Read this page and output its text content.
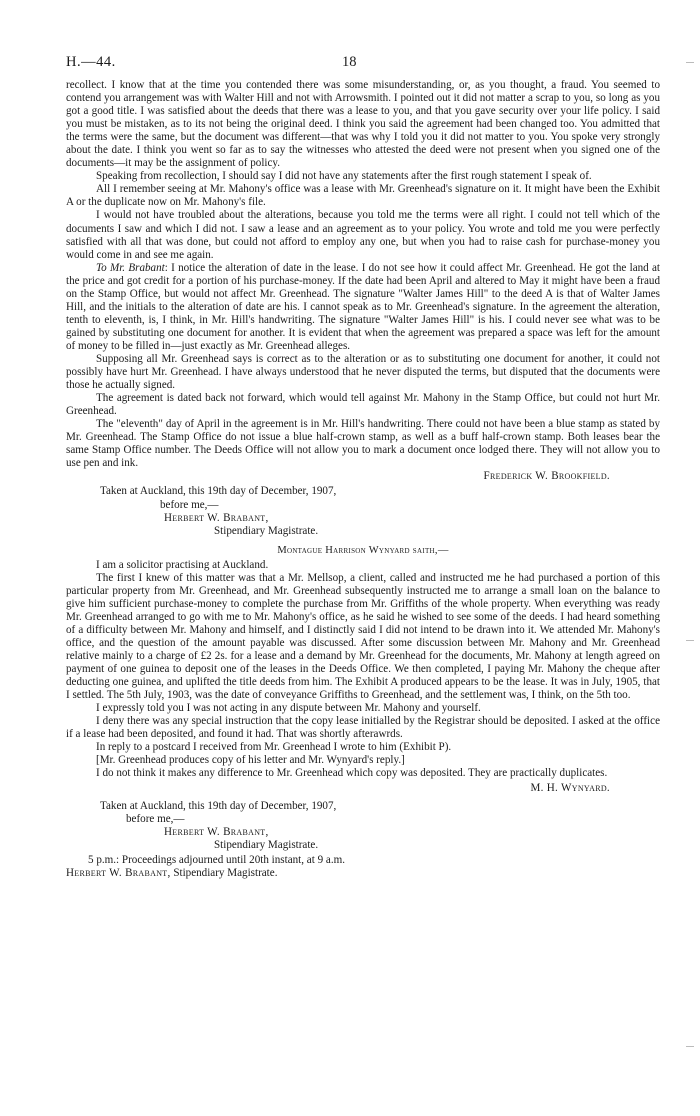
H.—44.	18

recollect. I know that at the time you contended there was some misunderstanding, or, as you thought, a fraud. You seemed to contend you arrangement was with Walter Hill and not with Arrowsmith. I pointed out it did not matter a scrap to you, so long as you got a good title. I was satisfied about the deeds that there was a lease to you, and that you gave security over your life policy. I said you must be mistaken, as to its not being the original deed. I think you said the agreement had been changed too. You admitted that the terms were the same, but the document was different—that was why I told you it did not matter to you. You spoke very strongly about the date. I think you went so far as to say the witnesses who attested the deed were not present when you signed one of the documents—it may be the assignment of policy.

Speaking from recollection, I should say I did not have any statements after the first rough statement I speak of.

All I remember seeing at Mr. Mahony's office was a lease with Mr. Greenhead's signature on it. It might have been the Exhibit A or the duplicate now on Mr. Mahony's file.

I would not have troubled about the alterations, because you told me the terms were all right. I could not tell which of the documents I saw and which I did not. I saw a lease and an agreement as to your policy. You wrote and told me you were perfectly satisfied with all that was done, but could not afford to employ any one, but when you had to raise cash for purchase-money you would come in and see me again.

To Mr. Brabant: I notice the alteration of date in the lease. I do not see how it could affect Mr. Greenhead. He got the land at the price and got credit for a portion of his purchase-money. If the date had been April and altered to May it might have been a fraud on the Stamp Office, but would not affect Mr. Greenhead. The signature "Walter James Hill" to the deed A is that of Walter James Hill, and the initials to the alteration of date are his. I cannot speak as to Mr. Greenhead's signature. In the agreement the alteration, tenth to eleventh, is, I think, in Mr. Hill's handwriting. The signature "Walter James Hill" is his. I could never see what was to be gained by substituting one document for another. It is evident that when the agreement was prepared a space was left for the amount of money to be filled in—just exactly as Mr. Greenhead alleges.

Supposing all Mr. Greenhead says is correct as to the alteration or as to substituting one document for another, it could not possibly have hurt Mr. Greenhead. I have always understood that he never disputed the terms, but disputed that the documents were those he actually signed.

The agreement is dated back not forward, which would tell against Mr. Mahony in the Stamp Office, but could not hurt Mr. Greenhead.

The "eleventh" day of April in the agreement is in Mr. Hill's handwriting. There could not have been a blue stamp as stated by Mr. Greenhead. The Stamp Office do not issue a blue half-crown stamp, as well as a buff half-crown stamp. Both leases bear the same Stamp Office number. The Deeds Office will not allow you to mark a document once lodged there. They will not allow you to use pen and ink.

Frederick W. Brookfield.

Taken at Auckland, this 19th day of December, 1907,

before me,—

Herbert W. Brabant,

Stipendiary Magistrate.

Montague Harrison Wynyard saith,—

I am a solicitor practising at Auckland.

The first I knew of this matter was that a Mr. Mellsop, a client, called and instructed me he had purchased a portion of this particular property from Mr. Greenhead, and Mr. Greenhead subsequently instructed me to arrange a small loan on the balance to give him sufficient purchase-money to complete the purchase from Mr. Griffiths of the whole property. When everything was ready Mr. Greenhead arranged to go with me to Mr. Mahony's office, as he said he wished to see some of the deeds. I had heard something of a difficulty between Mr. Mahony and himself, and I distinctly said I did not intend to be drawn into it. We attended Mr. Mahony's office, and the question of the amount payable was discussed. After some discussion between Mr. Mahony and Mr. Greenhead relative mainly to a charge of £2 2s. for a lease and a demand by Mr. Greenhead for the documents, Mr. Mahony at length agreed on payment of one guinea to deposit one of the leases in the Deeds Office. We then completed, I paying Mr. Mahony the cheque after deducting one guinea, and uplifted the title deeds from him. The Exhibit A produced appears to be the lease. It was in July, 1905, that I settled. The 5th July, 1903, was the date of conveyance Griffiths to Greenhead, and the settlement was, I think, on the 5th too.

I expressly told you I was not acting in any dispute between Mr. Mahony and yourself.

I deny there was any special instruction that the copy lease initialled by the Registrar should be deposited. I asked at the office if a lease had been deposited, and found it had. That was shortly afterawrds.

In reply to a postcard I received from Mr. Greenhead I wrote to him (Exhibit P).

[Mr. Greenhead produces copy of his letter and Mr. Wynyard's reply.]

I do not think it makes any difference to Mr. Greenhead which copy was deposited. They are practically duplicates.

M. H. Wynyard.

Taken at Auckland, this 19th day of December, 1907,

before me,—

Herbert W. Brabant,

Stipendiary Magistrate.

5 p.m.: Proceedings adjourned until 20th instant, at 9 a.m.

Herbert W. Brabant, Stipendiary Magistrate.
